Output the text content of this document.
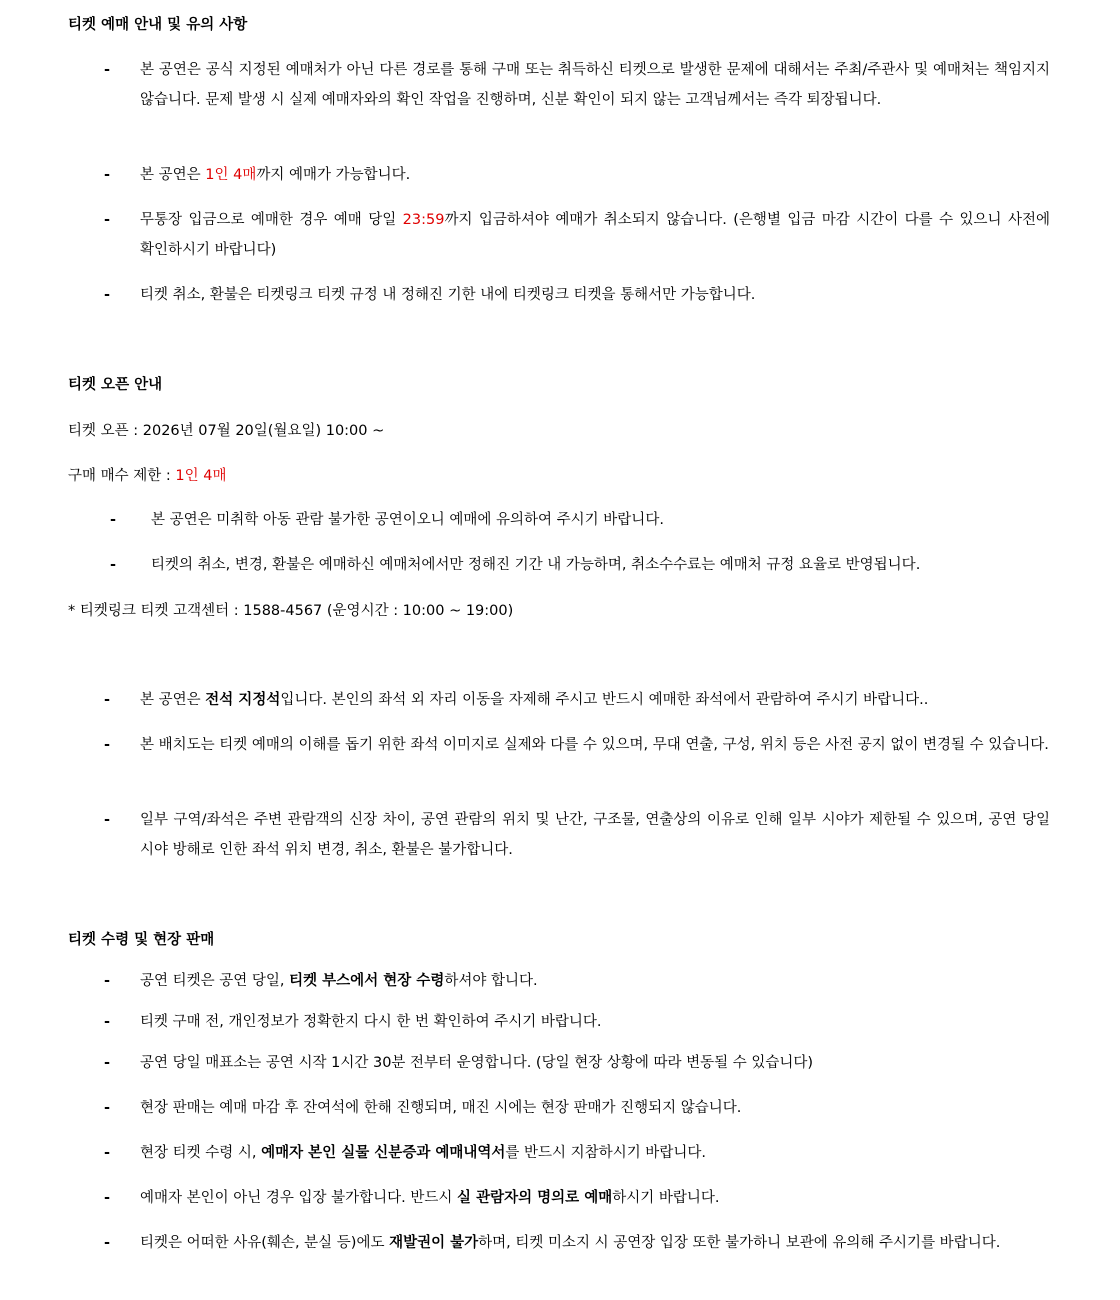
티켓 예매 안내 및 유의 사항
-	본 공연은 공식 지정된 예매처가 아닌 다른 경로를 통해 구매 또는 취득하신 티켓으로 발생한 문제에 대해서는 주최/주관사 및 예매처는 책임지지 않습니다. 문제 발생 시 실제 예매자와의 확인 작업을 진행하며, 신분 확인이 되지 않는 고객님께서는 즉각 퇴장됩니다.
-	본 공연은 1인 4매까지 예매가 가능합니다.
-	무통장 입금으로 예매한 경우 예매 당일 23:59까지 입금하셔야 예매가 취소되지 않습니다. (은행별 입금 마감 시간이 다를 수 있으니 사전에 확인하시기 바랍니다)
-	티켓 취소, 환불은 티켓링크 티켓 규정 내 정해진 기한 내에 티켓링크 티켓을 통해서만 가능합니다.
티켓 오픈 안내
티켓 오픈 : 2026년 07월 20일(월요일) 10:00 ~
구매 매수 제한 : 1인 4매
-	본 공연은 미취학 아동 관람 불가한 공연이오니 예매에 유의하여 주시기 바랍니다.
-	티켓의 취소, 변경, 환불은 예매하신 예매처에서만 정해진 기간 내 가능하며, 취소수수료는 예매처 규정 요율로 반영됩니다.
* 티켓링크 티켓 고객센터 : 1588-4567 (운영시간 : 10:00 ~ 19:00)
-	본 공연은 전석 지정석입니다. 본인의 좌석 외 자리 이동을 자제해 주시고 반드시 예매한 좌석에서 관람하여 주시기 바랍니다..
-	본 배치도는 티켓 예매의 이해를 돕기 위한 좌석 이미지로 실제와 다를 수 있으며, 무대 연출, 구성, 위치 등은 사전 공지 없이 변경될 수 있습니다.
-	일부 구역/좌석은 주변 관람객의 신장 차이, 공연 관람의 위치 및 난간, 구조물, 연출상의 이유로 인해 일부 시야가 제한될 수 있으며, 공연 당일 시야 방해로 인한 좌석 위치 변경, 취소, 환불은 불가합니다.
티켓 수령 및 현장 판매
-	공연 티켓은 공연 당일, 티켓 부스에서 현장 수령하셔야 합니다.
-	티켓 구매 전, 개인정보가 정확한지 다시 한 번 확인하여 주시기 바랍니다.
-	공연 당일 매표소는 공연 시작 1시간 30분 전부터 운영합니다. (당일 현장 상황에 따라 변동될 수 있습니다)
-	현장 판매는 예매 마감 후 잔여석에 한해 진행되며, 매진 시에는 현장 판매가 진행되지 않습니다.
-	현장 티켓 수령 시, 예매자 본인 실물 신분증과 예매내역서를 반드시 지참하시기 바랍니다.
-	예매자 본인이 아닌 경우 입장 불가합니다. 반드시 실 관람자의 명의로 예매하시기 바랍니다.
-	티켓은 어떠한 사유(훼손, 분실 등)에도 재발권이 불가하며, 티켓 미소지 시 공연장 입장 또한 불가하니 보관에 유의해 주시기를 바랍니다.
